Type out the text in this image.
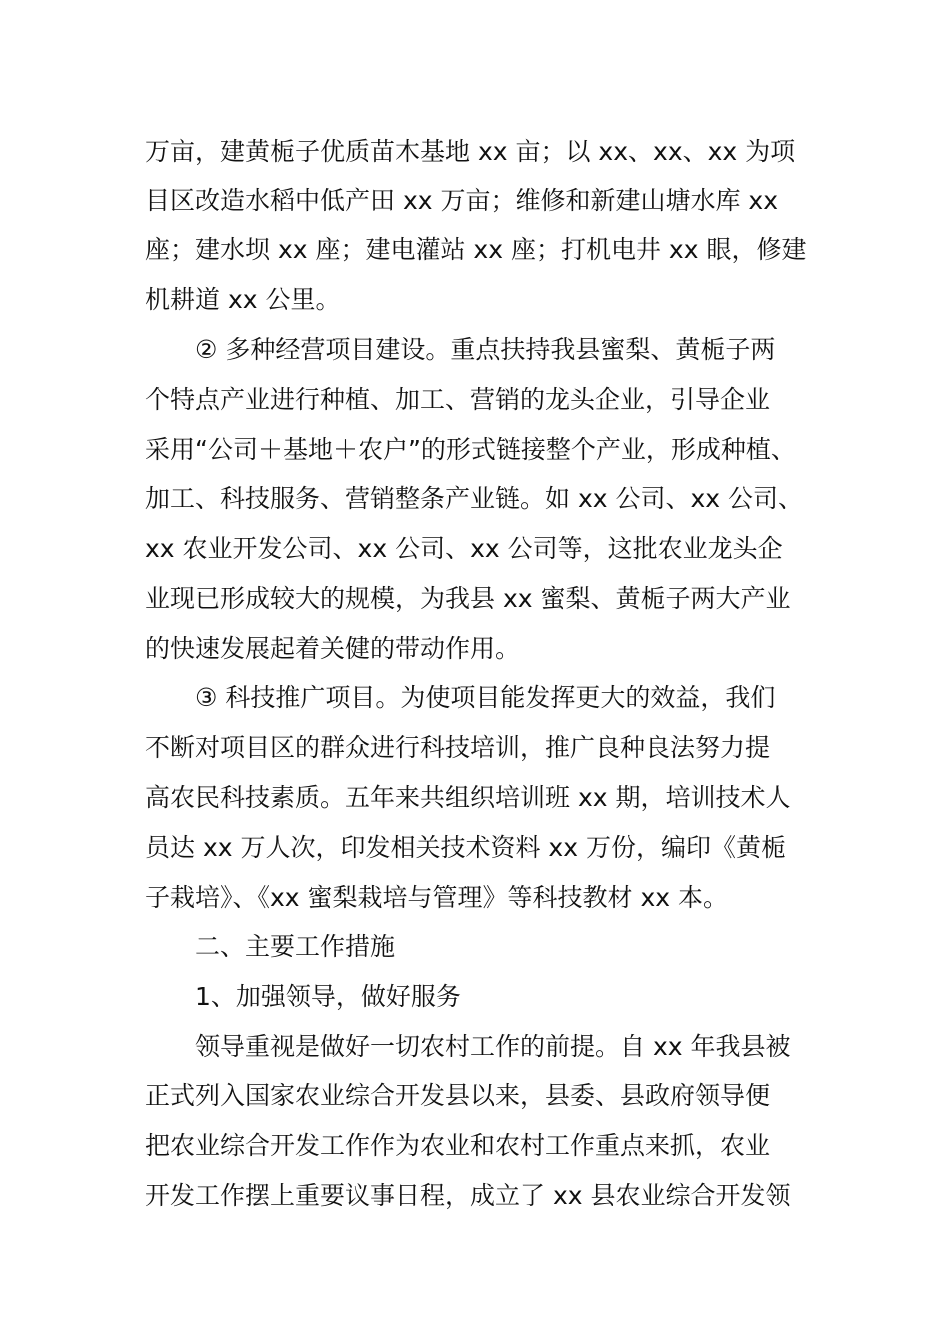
万亩，建黄栀子优质苗木基地 xx 亩；以 xx、xx、xx 为项
目区改造水稻中低产田 xx 万亩；维修和新建山塘水库 xx
座；建水坝 xx 座；建电灌站 xx 座；打机电井 xx 眼，修建
机耕道 xx 公里。
② 多种经营项目建设。重点扶持我县蜜梨、黄栀子两
个特点产业进行种植、加工、营销的龙头企业，引导企业
采用“公司＋基地＋农户”的形式链接整个产业，形成种植、
加工、科技服务、营销整条产业链。如 xx 公司、xx 公司、
xx 农业开发公司、xx 公司、xx 公司等，这批农业龙头企
业现已形成较大的规模，为我县 xx 蜜梨、黄栀子两大产业
的快速发展起着关健的带动作用。
③ 科技推广项目。为使项目能发挥更大的效益，我们
不断对项目区的群众进行科技培训，推广良种良法努力提
高农民科技素质。五年来共组织培训班 xx 期，培训技术人
员达 xx 万人次，印发相关技术资料 xx 万份，编印《黄栀
子栽培》、《xx 蜜梨栽培与管理》等科技教材 xx 本。
二、主要工作措施
1、加强领导，做好服务
领导重视是做好一切农村工作的前提。自 xx 年我县被
正式列入国家农业综合开发县以来，县委、县政府领导便
把农业综合开发工作作为农业和农村工作重点来抓，农业
开发工作摆上重要议事日程，成立了 xx 县农业综合开发领
